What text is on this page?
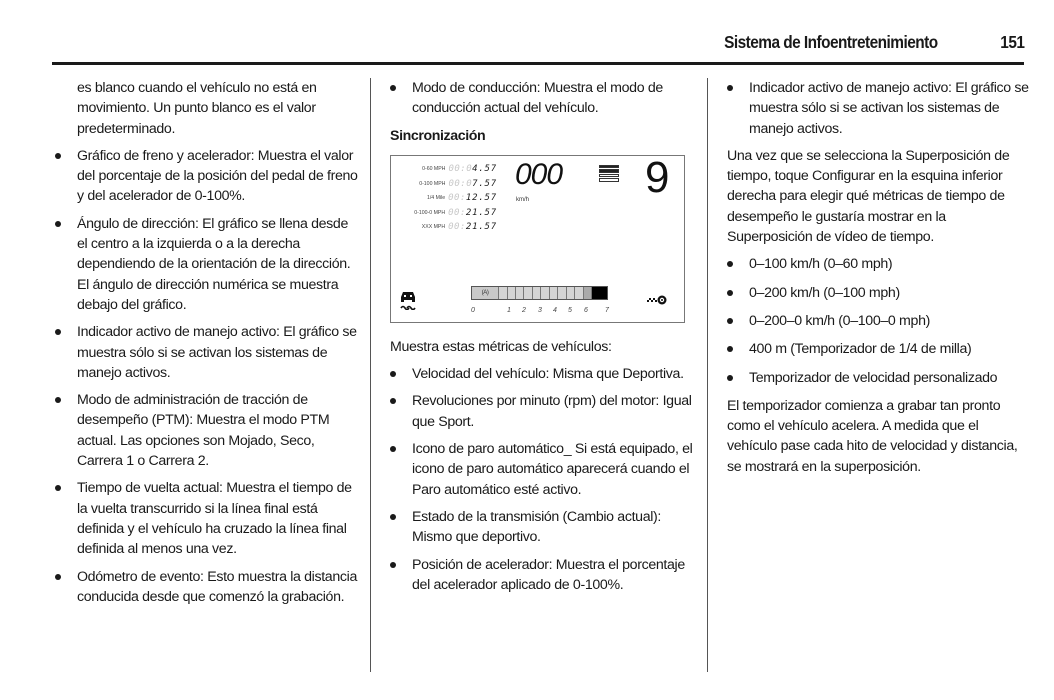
Sistema de Infoentretenimiento	151

es blanco cuando el vehículo no está en movimiento. Un punto blanco es el valor predeterminado.

Gráfico de freno y acelerador: Muestra el valor del porcentaje de la posición del pedal de freno y del acelerador de 0-100%.
Ángulo de dirección: El gráfico se llena desde el centro a la izquierda o a la derecha dependiendo de la orientación de la dirección. El ángulo de dirección numérica se muestra debajo del gráfico.
Indicador activo de manejo activo: El gráfico se muestra sólo si se activan los sistemas de manejo activos.
Modo de administración de tracción de desempeño (PTM): Muestra el modo PTM actual. Las opciones son Mojado, Seco, Carrera 1 o Carrera 2.
Tiempo de vuelta actual: Muestra el tiempo de la vuelta transcurrido si la línea final está definida y el vehículo ha cruzado la línea final definida al menos una vez.
Odómetro de evento: Esto muestra la distancia conducida desde que comenzó la grabación.
Modo de conducción: Muestra el modo de conducción actual del vehículo.
Sincronización
0-60 MPH 00:0 4.57
0-100 MPH 00:0 7.57
1/4 Mile 00: 12.57
0-100-0 MPH 00: 21.57
XXX MPH 00: 21.57
000
km/h	9
(A)
0	1 2 3 4 5 6 7

Muestra estas métricas de vehículos:

Velocidad del vehículo: Misma que Deportiva.
Revoluciones por minuto (rpm) del motor: Igual que Sport.
Icono de paro automático_ Si está equipado, el icono de paro automático aparecerá cuando el Paro automático esté activo.
Estado de la transmisión (Cambio actual): Mismo que deportivo.
Posición de acelerador: Muestra el porcentaje del acelerador aplicado de 0-100%.
Indicador activo de manejo activo: El gráfico se muestra sólo si se activan los sistemas de manejo activos.

Una vez que se selecciona la Superposición de tiempo, toque Configurar en la esquina inferior derecha para elegir qué métricas de tiempo de desempeño le gustaría mostrar en la Superposición de vídeo de tiempo.

0–100 km/h (0–60 mph)
0–200 km/h (0–100 mph)
0–200–0 km/h (0–100–0 mph)
400 m (Temporizador de 1/4 de milla)
Temporizador de velocidad personalizado

El temporizador comienza a grabar tan pronto como el vehículo acelera. A medida que el vehículo pase cada hito de velocidad y distancia, se mostrará en la superposición.
